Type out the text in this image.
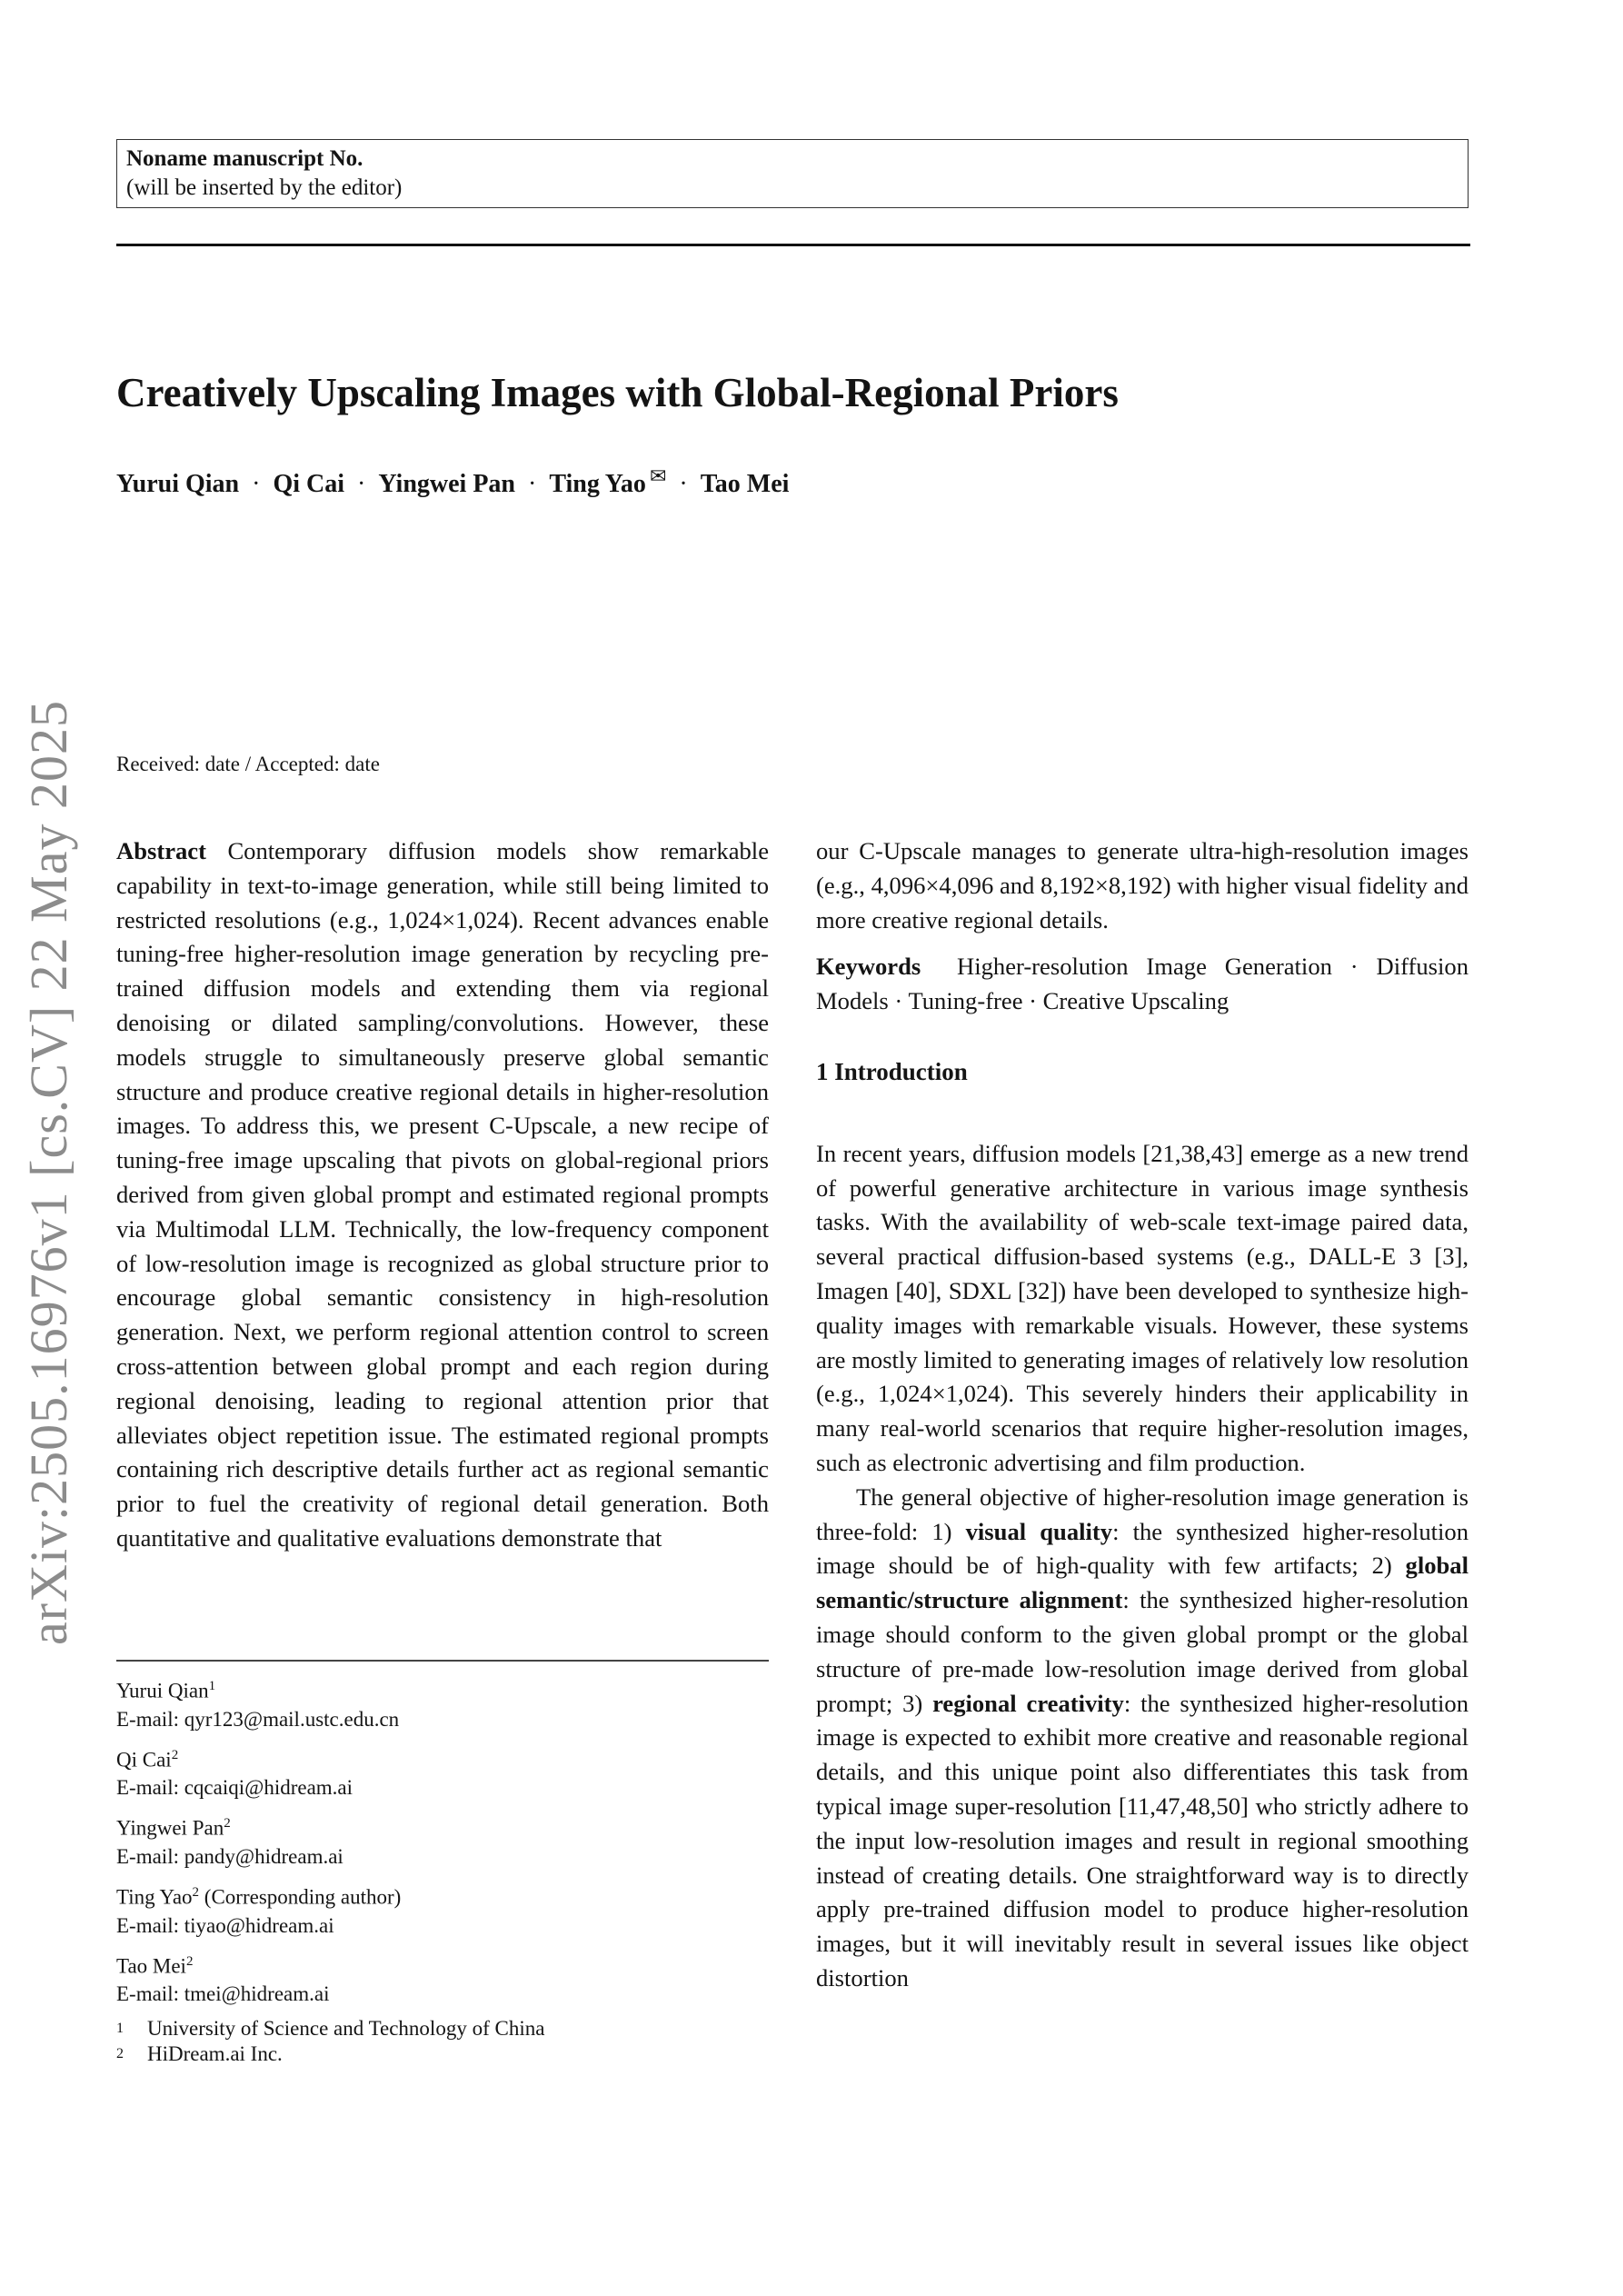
Noname manuscript No.
(will be inserted by the editor)
Creatively Upscaling Images with Global-Regional Priors
Yurui Qian · Qi Cai · Yingwei Pan · Ting Yao ✉ · Tao Mei
arXiv:2505.16976v1 [cs.CV] 22 May 2025 Received: date / Accepted: date

Abstract Contemporary diffusion models show remarkable capability in text-to-image generation, while still being limited to restricted resolutions (e.g., 1,024×1,024). Recent advances enable tuning-free higher-resolution image generation by recycling pre-trained diffusion models and extending them via regional denoising or dilated sampling/convolutions. However, these models struggle to simultaneously preserve global semantic structure and produce creative regional details in higher-resolution images. To address this, we present C-Upscale, a new recipe of tuning-free image upscaling that pivots on global-regional priors derived from given global prompt and estimated regional prompts via Multimodal LLM. Technically, the low-frequency component of low-resolution image is recognized as global structure prior to encourage global semantic consistency in high-resolution generation. Next, we perform regional attention control to screen cross-attention between global prompt and each region during regional denoising, leading to regional attention prior that alleviates object repetition issue. The estimated regional prompts containing rich descriptive details further act as regional semantic prior to fuel the creativity of regional detail generation. Both quantitative and qualitative evaluations demonstrate that

Yurui Qian$^1$
E-mail: qyr123@mail.ustc.edu.cn
Qi Cai$^2$
E-mail: cqcaiqi@hidream.ai
Yingwei Pan$^2$
E-mail: pandy@hidream.ai
Ting Yao$^2$ (Corresponding author)
E-mail: tiyao@hidream.ai
Tao Mei$^2$
E-mail: tmei@hidream.ai
1 University of Science and Technology of China
2 HiDream.ai Inc.

our C-Upscale manages to generate ultra-high-resolution images (e.g., 4,096×4,096 and 8,192×8,192) with higher visual fidelity and more creative regional details.

Keywords Higher-resolution Image Generation · Diffusion Models · Tuning-free · Creative Upscaling

1 Introduction

In recent years, diffusion models [21,38,43] emerge as a new trend of powerful generative architecture in various image synthesis tasks. With the availability of web-scale text-image paired data, several practical diffusion-based systems (e.g., DALL-E 3 [3], Imagen [40], SDXL [32]) have been developed to synthesize high-quality images with remarkable visuals. However, these systems are mostly limited to generating images of relatively low resolution (e.g., 1,024×1,024). This severely hinders their applicability in many real-world scenarios that require higher-resolution images, such as electronic advertising and film production.

The general objective of higher-resolution image generation is three-fold: 1) visual quality: the synthesized higher-resolution image should be of high-quality with few artifacts; 2) global semantic/structure alignment: the synthesized higher-resolution image should conform to the given global prompt or the global structure of pre-made low-resolution image derived from global prompt; 3) regional creativity: the synthesized higher-resolution image is expected to exhibit more creative and reasonable regional details, and this unique point also differentiates this task from typical image super-resolution [11,47,48,50] who strictly adhere to the input low-resolution images and result in regional smoothing instead of creating details. One straightforward way is to directly apply pre-trained diffusion model to produce higher-resolution images, but it will inevitably result in several issues like object distortion
